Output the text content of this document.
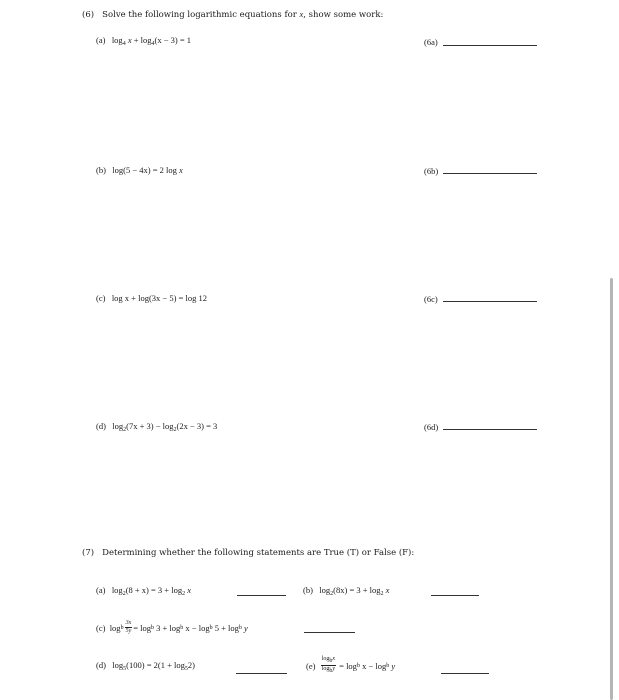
(6) Solve the following logarithmic equations for x, show some work:
(a) $\log_4 x + \log_4(x - 3) = 1$	(6a)
(b) log(5 − 4x) = 2 log x	(6b)
(c) log x + log(3x − 5) = log 12	(6c)
(d) $\log_2(7x + 3) - \log_2(2x - 3) = 3$	(6d)
(7) Determining whether the following statements are True (T) or False (F):
(a) $\log_2(8 + x) = 3 + \log_2 x$	(b) $\log_2(8x) = 3 + \log_2 x$
(c)
log b $\frac{3x}{5y} = \log b$
3 + log b
x − log b
5 + log b
y
(d) $\log_5(100) = 2(1 + \log_52)$	(e)
$\frac{\text{logbx}}{\text{logby}}$
= log b
x − log b
y
